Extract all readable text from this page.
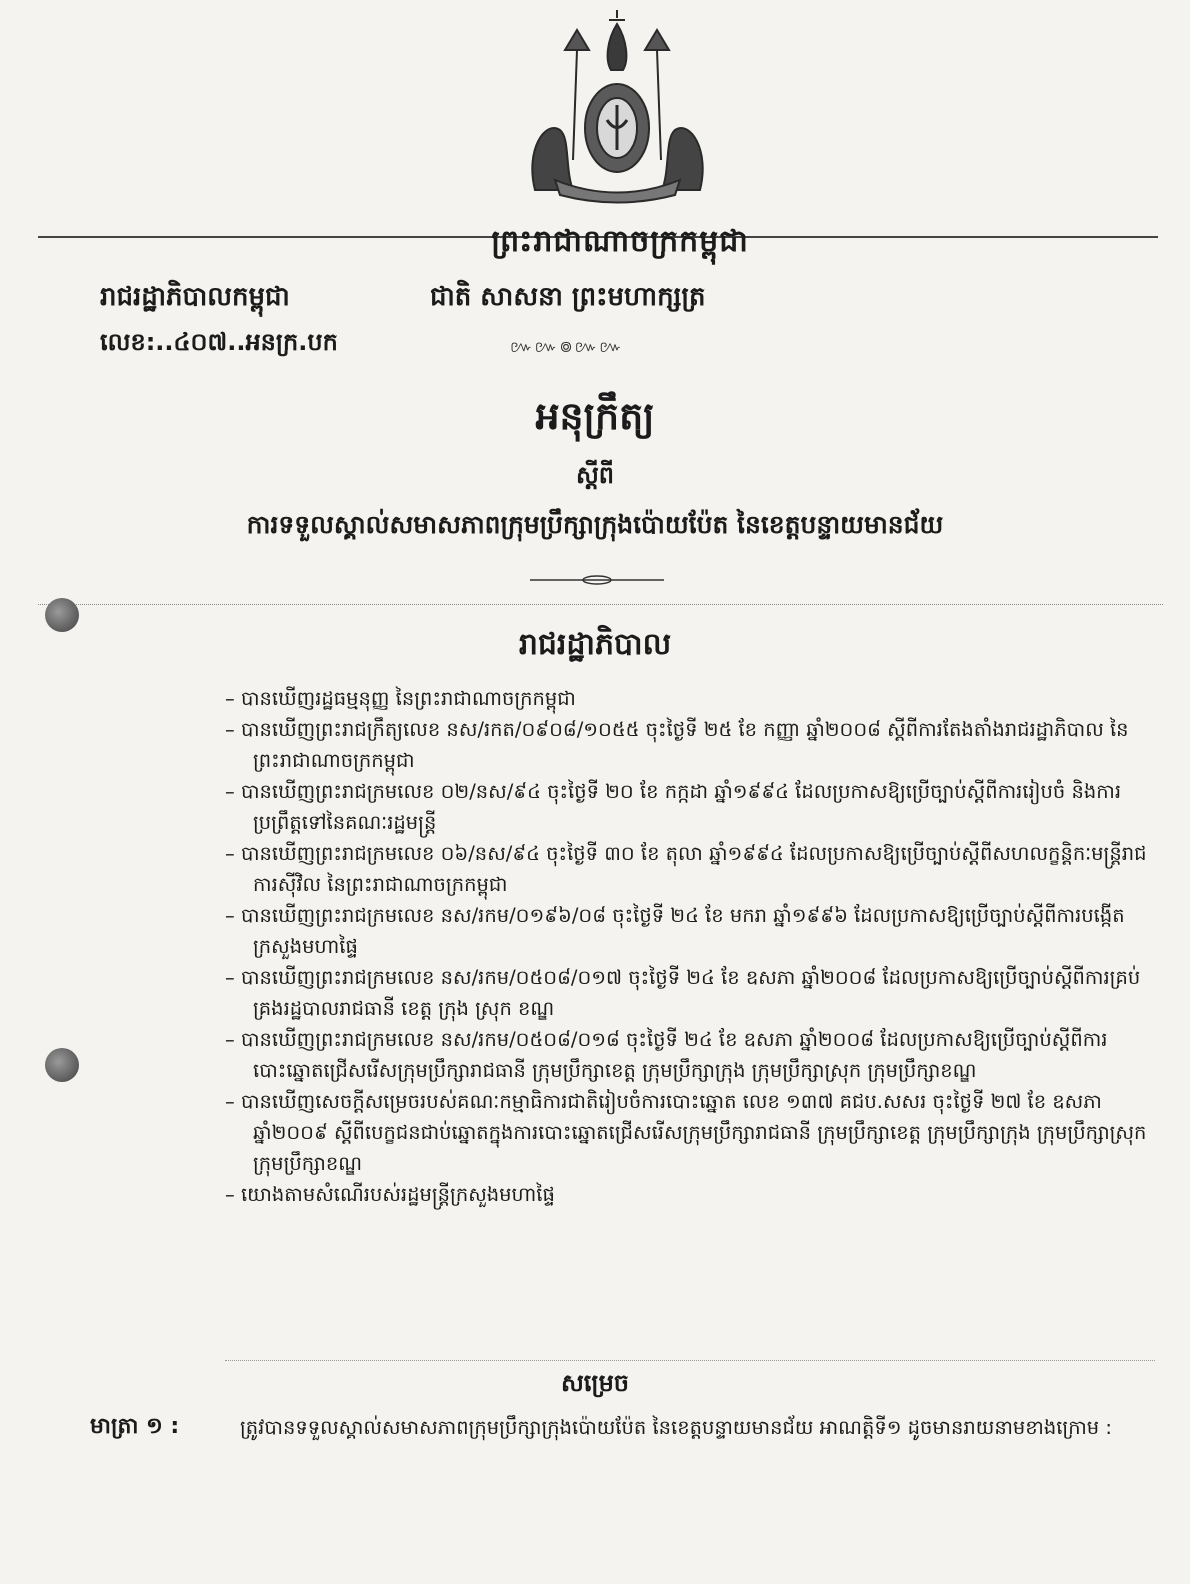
ព្រះរាជាណាចក្រកម្ពុជា
រាជរដ្ឋាភិបាលកម្ពុជា	ជាតិ សាសនា ព្រះមហាក្សត្រ
លេខ:..៤០៧..អនក្រ.បក	៚៚៙៚៚
អនុក្រឹត្យ
ស្តីពី
ការទទួលស្គាល់សមាសភាពក្រុមប្រឹក្សាក្រុងប៉ោយប៉ែត នៃខេត្តបន្ទាយមានជ័យ
រាជរដ្ឋាភិបាល
– បានឃើញរដ្ឋធម្មនុញ្ញ នៃព្រះរាជាណាចក្រកម្ពុជា
– បានឃើញព្រះរាជក្រឹត្យលេខ នស/រកត/០៩០៨/១០៥៥ ចុះថ្ងៃទី ២៥ ខែ កញ្ញា ឆ្នាំ២០០៨ ស្តីពីការតែងតាំងរាជរដ្ឋាភិបាល នៃព្រះរាជាណាចក្រកម្ពុជា
– បានឃើញព្រះរាជក្រមលេខ ០២/នស/៩៤ ចុះថ្ងៃទី ២០ ខែ កក្កដា ឆ្នាំ១៩៩៤ ដែលប្រកាសឱ្យប្រើច្បាប់ស្តីពីការរៀបចំ និងការប្រព្រឹត្តទៅនៃគណៈរដ្ឋមន្ត្រី
– បានឃើញព្រះរាជក្រមលេខ ០៦/នស/៩៤ ចុះថ្ងៃទី ៣០ ខែ តុលា ឆ្នាំ១៩៩៤ ដែលប្រកាសឱ្យប្រើច្បាប់ស្តីពីសហលក្ខន្តិកៈមន្ត្រីរាជការស៊ីវិល នៃព្រះរាជាណាចក្រកម្ពុជា
– បានឃើញព្រះរាជក្រមលេខ នស/រកម/០១៩៦/០៨ ចុះថ្ងៃទី ២៤ ខែ មករា ឆ្នាំ១៩៩៦ ដែលប្រកាសឱ្យប្រើច្បាប់ស្តីពីការបង្កើតក្រសួងមហាផ្ទៃ
– បានឃើញព្រះរាជក្រមលេខ នស/រកម/០៥០៨/០១៧ ចុះថ្ងៃទី ២៤ ខែ ឧសភា ឆ្នាំ២០០៨ ដែលប្រកាសឱ្យប្រើច្បាប់ស្តីពីការគ្រប់គ្រងរដ្ឋបាលរាជធានី ខេត្ត ក្រុង ស្រុក ខណ្ឌ
– បានឃើញព្រះរាជក្រមលេខ នស/រកម/០៥០៨/០១៨ ចុះថ្ងៃទី ២៤ ខែ ឧសភា ឆ្នាំ២០០៨ ដែលប្រកាសឱ្យប្រើច្បាប់ស្តីពីការបោះឆ្នោតជ្រើសរើសក្រុមប្រឹក្សារាជធានី ក្រុមប្រឹក្សាខេត្ត ក្រុមប្រឹក្សាក្រុង ក្រុមប្រឹក្សាស្រុក ក្រុមប្រឹក្សាខណ្ឌ
– បានឃើញសេចក្តីសម្រេចរបស់គណៈកម្មាធិការជាតិរៀបចំការបោះឆ្នោត លេខ ១៣៧ គជប.សសរ ចុះថ្ងៃទី ២៧ ខែ ឧសភា ឆ្នាំ២០០៩ ស្តីពីបេក្ខជនជាប់ឆ្នោតក្នុងការបោះឆ្នោតជ្រើសរើសក្រុមប្រឹក្សារាជធានី ក្រុមប្រឹក្សាខេត្ត ក្រុមប្រឹក្សាក្រុង ក្រុមប្រឹក្សាស្រុក ក្រុមប្រឹក្សាខណ្ឌ
– យោងតាមសំណើរបស់រដ្ឋមន្ត្រីក្រសួងមហាផ្ទៃ
សម្រេច
មាត្រា ១ :	ត្រូវបានទទួលស្គាល់សមាសភាពក្រុមប្រឹក្សាក្រុងប៉ោយប៉ែត នៃខេត្តបន្ទាយមានជ័យ អាណត្តិទី១ ដូចមានរាយនាមខាងក្រោម :
